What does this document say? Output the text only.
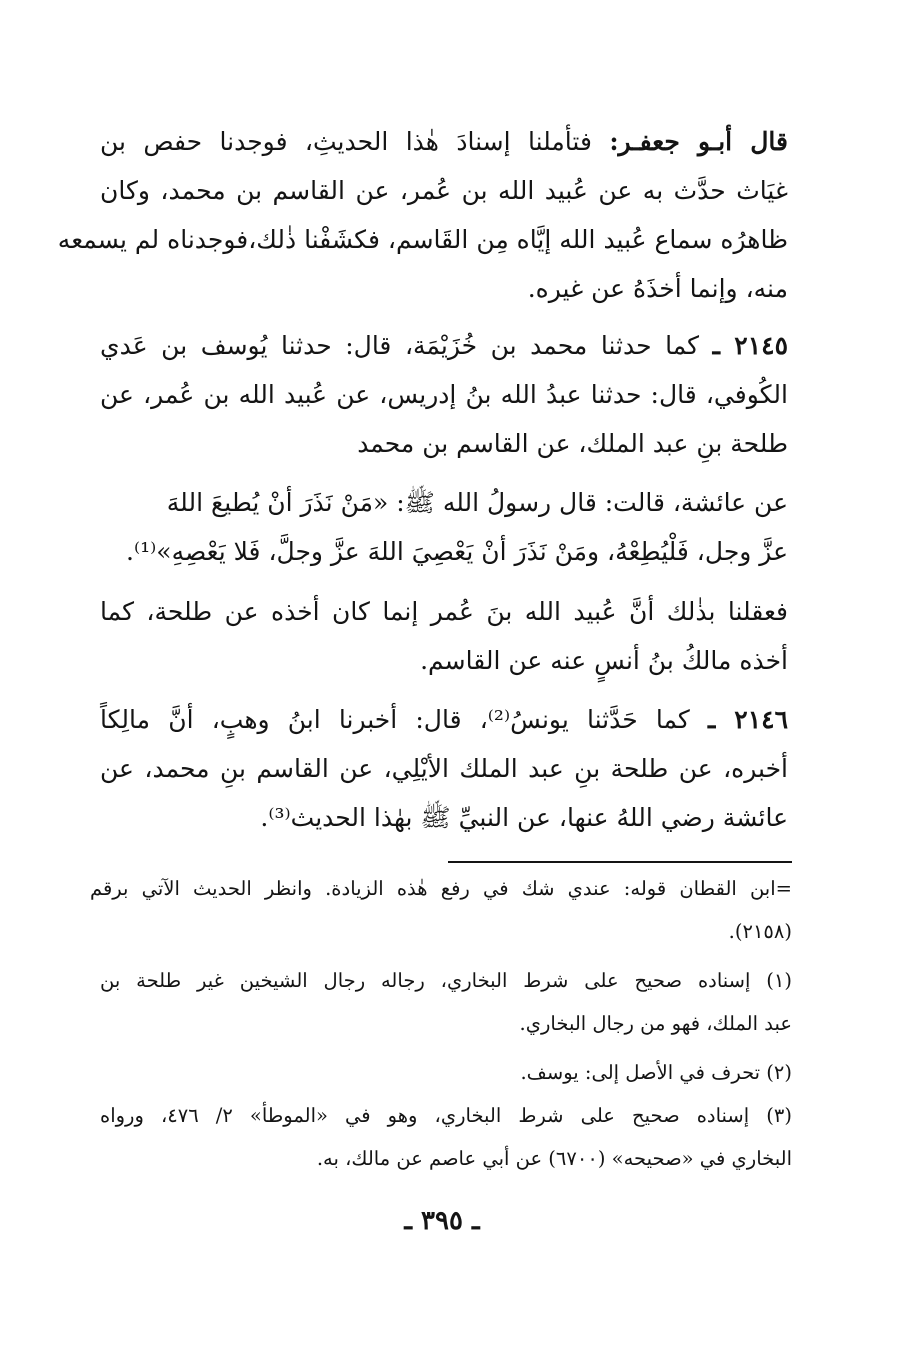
قال أبـو جعفـر: فتأملنا إسنادَ هٰذا الحديثِ، فوجدنا حفص بن
غيَاث حدَّث به عن عُبيد الله بن عُمر، عن القاسم بن محمد، وكان
ظاهرُه سماع عُبيد الله إيَّاه مِن القَاسم، فكشَفْنا ذٰلك،فوجدناه لم يسمعه
منه، وإنما أخذَهُ عن غيره.
٢١٤٥ ـ كما حدثنا محمد بن خُزَيْمَة، قال: حدثنا يُوسف بن عَدي
الكُوفي، قال: حدثنا عبدُ الله بنُ إدريس، عن عُبيد الله بن عُمر، عن
طلحة بنِ عبد الملك، عن القاسم بن محمد
عن عائشة، قالت: قال رسولُ الله ﷺ: «مَنْ نَذَرَ أنْ يُطيعَ اللهَ
عزَّ وجل، فَلْيُطِعْهُ، ومَنْ نَذَرَ أنْ يَعْصِيَ اللهَ عزَّ وجلَّ، فَلا يَعْصِهِ»⁽¹⁾.
فعقلنا بذٰلك أنَّ عُبيد الله بنَ عُمر إنما كان أخذه عن طلحة، كما
أخذه مالكُ بنُ أنسٍ عنه عن القاسم.
٢١٤٦ ـ كما حَدَّثنا يونسُ⁽²⁾، قال: أخبرنا ابنُ وهبٍ، أنَّ مالِكاً
أخبره، عن طلحة بنِ عبد الملك الأيْلِي، عن القاسم بنِ محمد، عن
عائشة رضي اللهُ عنها، عن النبيِّ ﷺ بهٰذا الحديث⁽³⁾.
=ابن القطان قوله: عندي شك في رفع هٰذه الزيادة. وانظر الحديث الآتي برقم
(٢١٥٨).
(١) إسناده صحيح على شرط البخاري، رجاله رجال الشيخين غير طلحة بن
عبد الملك، فهو من رجال البخاري.
(٢) تحرف في الأصل إلى: يوسف.
(٣) إسناده صحيح على شرط البخاري، وهو في «الموطأ» ٢/ ٤٧٦، ورواه
البخاري في «صحيحه» (٦٧٠٠) عن أبي عاصم عن مالك، به.
ـ ٣٩٥ ـ
